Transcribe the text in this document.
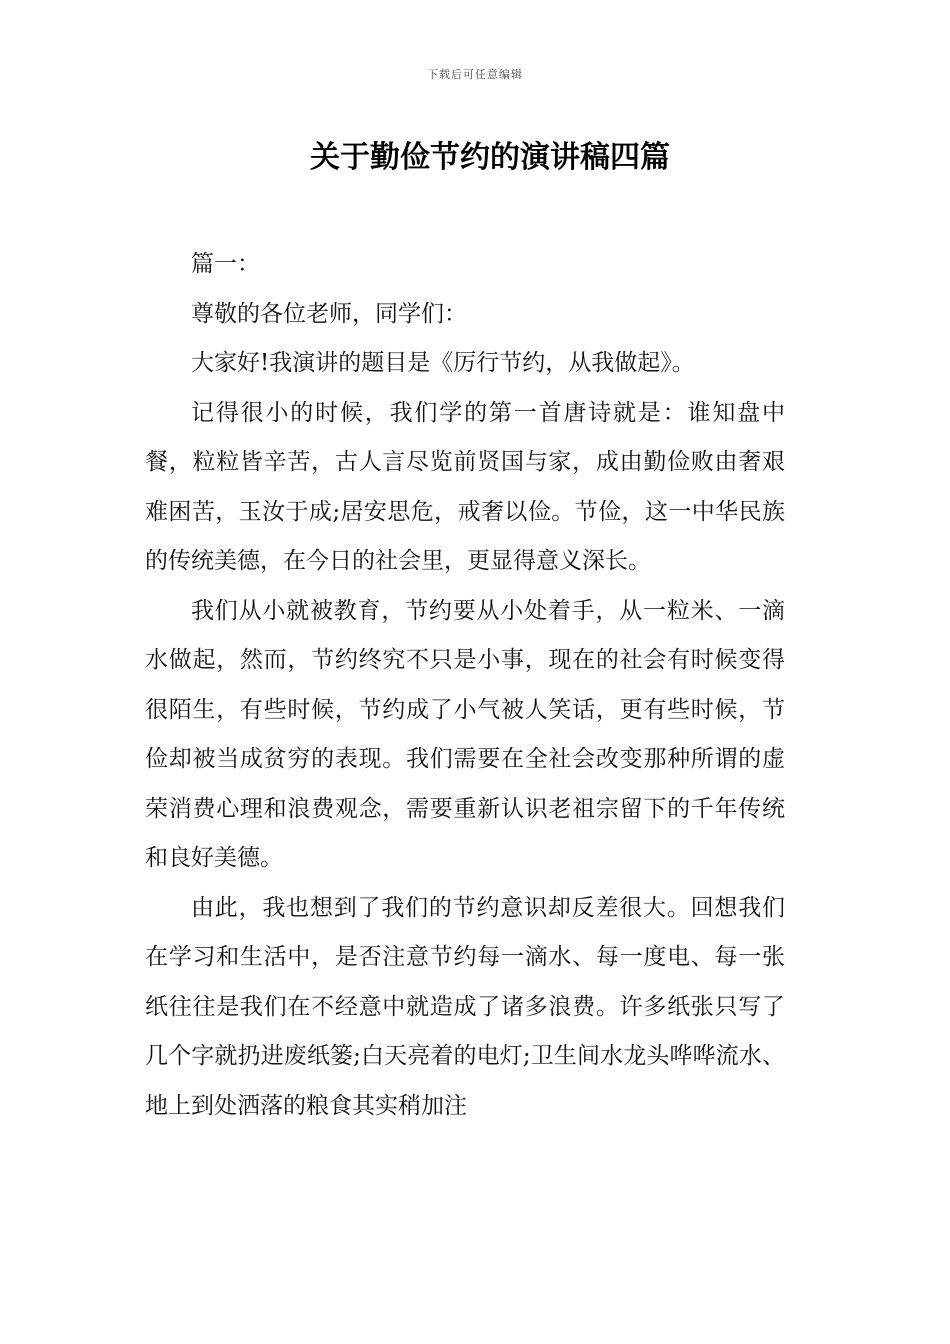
下载后可任意编辑
关于勤俭节约的演讲稿四篇

篇一：

尊敬的各位老师，同学们：

大家好!我演讲的题目是《厉行节约，从我做起》。

记得很小的时候，我们学的第一首唐诗就是：谁知盘中餐，粒粒皆辛苦，古人言尽览前贤国与家，成由勤俭败由奢艰难困苦，玉汝于成;居安思危，戒奢以俭。节俭，这一中华民族的传统美德，在今日的社会里，更显得意义深长。

我们从小就被教育，节约要从小处着手，从一粒米、一滴水做起，然而，节约终究不只是小事，现在的社会有时候变得很陌生，有些时候，节约成了小气被人笑话，更有些时候，节俭却被当成贫穷的表现。我们需要在全社会改变那种所谓的虚荣消费心理和浪费观念，需要重新认识老祖宗留下的千年传统和良好美德。

由此，我也想到了我们的节约意识却反差很大。回想我们在学习和生活中，是否注意节约每一滴水、每一度电、每一张纸往往是我们在不经意中就造成了诸多浪费。许多纸张只写了几个字就扔进废纸篓;白天亮着的电灯;卫生间水龙头哗哗流水、地上到处洒落的粮食其实稍加注
